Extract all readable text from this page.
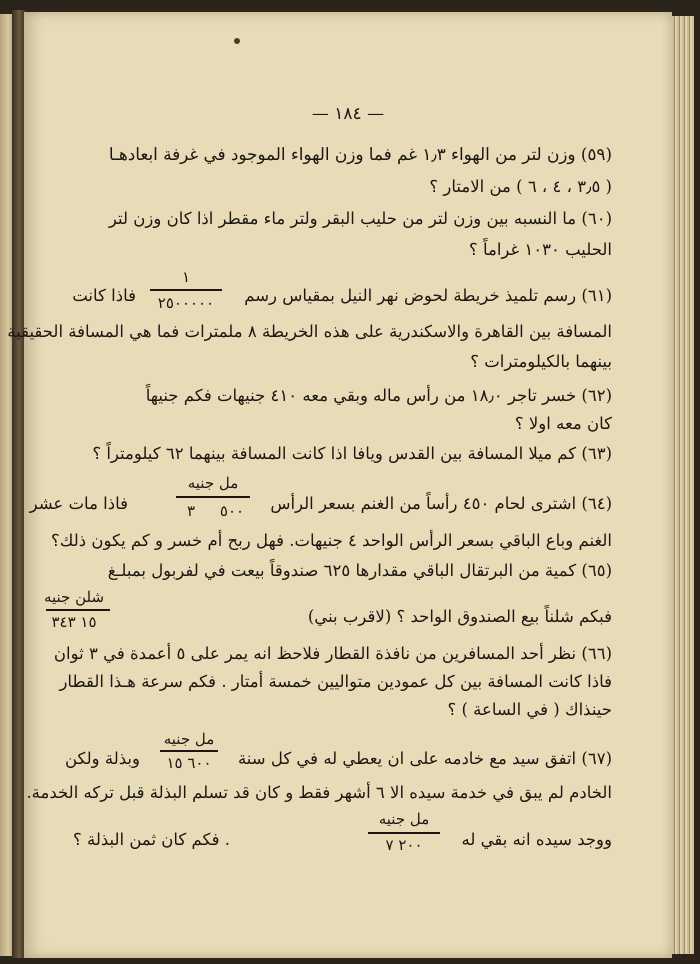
— ١٨٤ —
(٥٩) وزن لتر من الهواء ١٫٣ غم فما وزن الهواء الموجود في غرفة ابعادهـا
( ٣٫٥ ، ٤ ، ٦ ) من الامتار ؟
(٦٠) ما النسبه بين وزن لتر من حليب البقر ولتر ماء مقطر اذا كان وزن لتر
الحليب ١٠٣٠ غراماً ؟
(٦١) رسم تلميذ خريطة لحوض نهر النيل بمقياس رسم
فاذا كانت
١
٢٥٠٠٠٠٠
المسافة بين القاهرة والاسكندرية على هذه الخريطة ٨ ملمترات فما هي المسافة الحقيقية
بينهما بالكيلومترات ؟
(٦٢) خسر تاجر ١٨٫٠ من رأس ماله وبقي معه ٤١٠ جنيهات فكم جنيهاً
كان معه اولا ؟
(٦٣) كم ميلا المسافة بين القدس ويافا اذا كانت المسافة بينهما ٦٢ كيلومتراً ؟
(٦٤) اشترى لحام ٤٥٠ رأساً من الغنم بسعر الرأس
فاذا مات عشر
مل جنيه
٥٠٠
٣
الغنم وباع الباقي بسعر الرأس الواحد ٤ جنيهات. فهل ربح أم خسر و كم يكون ذلك؟
(٦٥) كمية من البرتقال الباقي مقدارها ٦٢٥ صندوقاً بيعت في لفربول بمبلـغ
شلن جنيه
١٥ ٣٤٣	فبكم شلناً بيع الصندوق الواحد ؟ (لاقرب بني)
(٦٦) نظر أحد المسافرين من نافذة القطار فلاحظ انه يمر على ٥ أعمدة في ٣ ثوان
فاذا كانت المسافة بين كل عمودين متواليين خمسة أمتار . فكم سرعة هـذا القطار
حينذاك ( في الساعة ) ؟
(٦٧) اتفق سيد مع خادمه على ان يعطي له في كل سنة
وبذلة ولكن
مل جنيه
٦٠٠ ١٥
الخادم لم يبق في خدمة سيده الا ٦ أشهر فقط و كان قد تسلم البذلة قبل تركه الخدمة.
ووجد سيده انه بقي له
. فكم كان ثمن البذلة ؟
مل جنيه
٢٠٠ ٧
